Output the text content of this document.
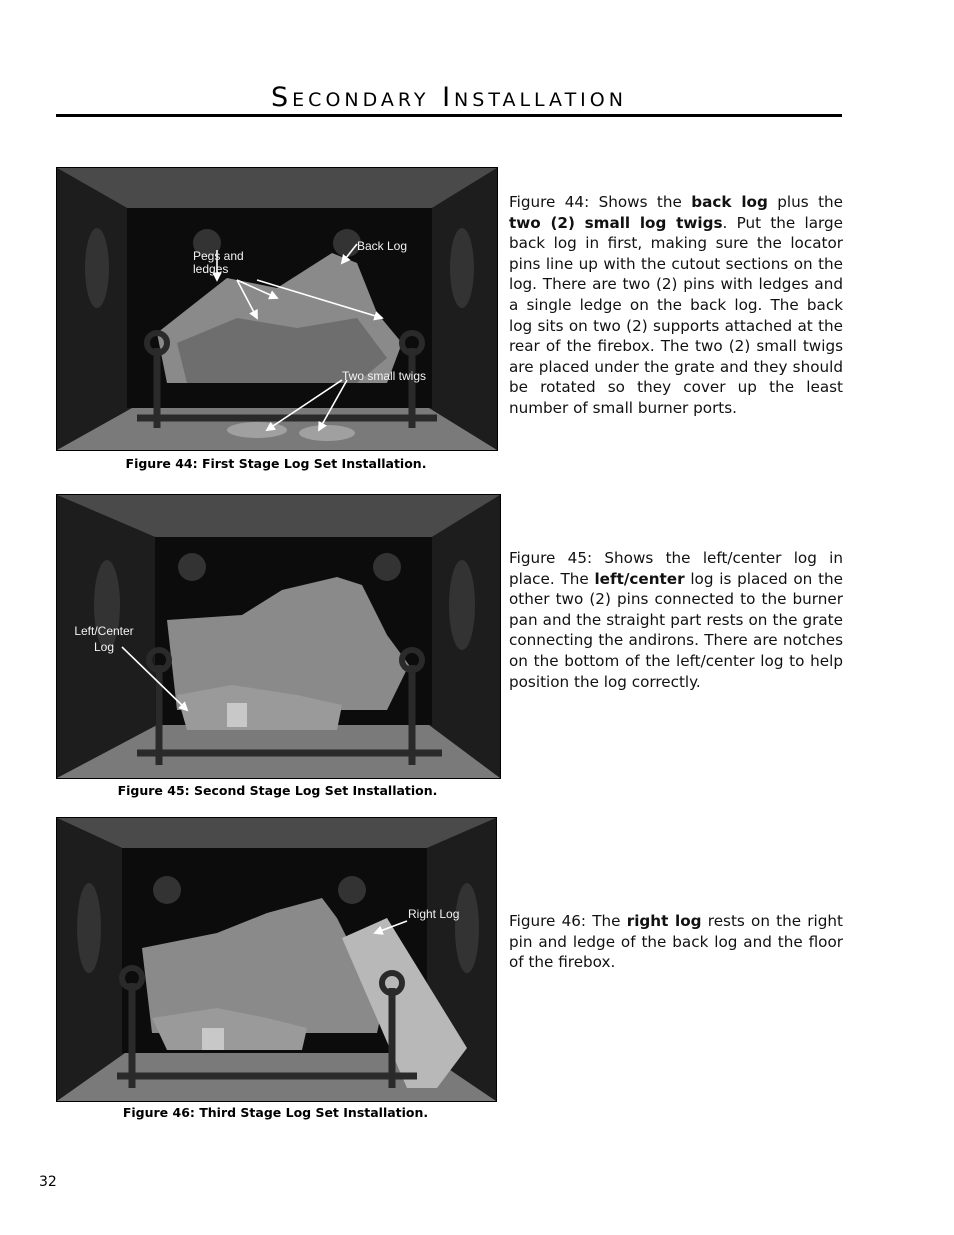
Secondary Installation
Pegs and ledges
Back Log
Two small twigs
Figure 44: First Stage Log Set Installation.
Figure 44: Shows the back log plus the two (2) small log twigs. Put the large back log in first, making sure the locator pins line up with the cutout sections on the log. There are two (2) pins with ledges and a single ledge on the back log. The back log sits on two (2) supports attached at the rear of the firebox. The two (2) small twigs are placed under the grate and they should be rotated so they cover up the least number of small burner ports.
Left/Center Log
Figure 45: Second Stage Log Set Installation.
Figure 45: Shows the left/center log in place. The left/center log is placed on the other two (2) pins connected to the burner pan and the straight part rests on the grate connecting the andirons. There are notches on the bottom of the left/center log to help position the log correctly.
Right Log
Figure 46: Third Stage Log Set Installation.
Figure 46: The right log rests on the right pin and ledge of the back log and the floor of the firebox.
32
